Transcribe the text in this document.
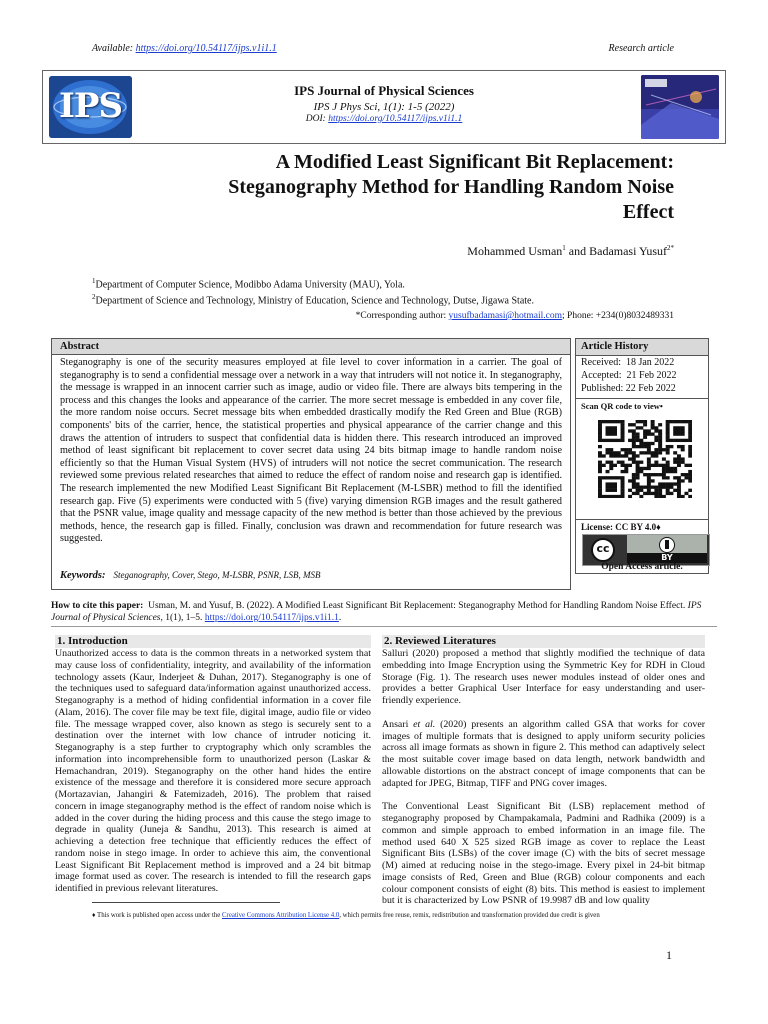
Available: https://doi.org/10.54117/ijps.v1i1.1	Research article
IPS	IPS Journal of Physical Sciences
IPS J Phys Sci, 1(1): 1-5 (2022)
DOI: https://doi.org/10.54117/ijps.v1i1.1
A Modified Least Significant Bit Replacement:
Steganography Method for Handling Random Noise
Effect
Mohammed Usman$^1$ and Badamasi Yusuf$^{2*}$
$^1$Department of Computer Science, Modibbo Adama University (MAU), Yola.
$^2$Department of Science and Technology, Ministry of Education, Science and Technology, Dutse, Jigawa State.
*Corresponding author: yusufbadamasi@hotmail.com; Phone: +234(0)8032489331
Abstract
Steganography is one of the security measures employed at file level to cover information in a carrier. The goal of steganography is to send a confidential message over a network in a way that intruders will not notice it. In steganography, the message is wrapped in an innocent carrier such as image, audio or video file. There are always bits tempering in the process and this changes the looks and appearance of the carrier. The more secret message is embedded in any cover file, the more random noise occurs. Secret message bits when embedded drastically modify the Red Green and Blue (RGB) components' bits of the carrier, hence, the statistical properties and physical appearance of the carrier change and this draws the attention of intruders to suspect that confidential data is hidden there. This research introduced an improved method of least significant bit replacement to cover secret data using 24 bits bitmap image to handle random noise efficiently so that the Human Visual System (HVS) of intruders will not notice the secret communication. The research reviewed some previous related researches that aimed to reduce the effect of random noise and research gap is identified. The research implemented the new Modified Least Significant Bit Replacement (M-LSBR) method to fill the identified research gap. Five (5) experiments were conducted with 5 (five) varying dimension RGB images and the result gathered that the PSNR value, image quality and message capacity of the new method is better than those achieved by the previous methods, hence, the research gap is filled. Finally, conclusion was drawn and recommendation for future research was suggested.
Keywords: Steganography, Cover, Stego, M-LSBR, PSNR, LSB, MSB
Article History
Received:  18 Jan 2022
Accepted:  21 Feb 2022
Published: 22 Feb 2022
Scan QR code to view•
License: CC BY 4.0♦
cc
BY
Open Access article.
How to cite this paper:  Usman, M. and Yusuf, B. (2022). A Modified Least Significant Bit Replacement: Steganography Method for Handling Random Noise Effect. IPS Journal of Physical Sciences, 1(1), 1–5. https://doi.org/10.54117/ijps.v1i1.1.
1. Introduction

Unauthorized access to data is the common threats in a networked system that may cause loss of confidentiality, integrity, and availability of the information technology assets (Kaur, Inderjeet & Duhan, 2017). Steganography is one of the techniques used to safeguard data/information against unauthorized access. Steganography is a method of hiding confidential information in a cover file (Alam, 2016). The cover file may be text file, digital image, audio file or video file. The message wrapped cover, also known as stego is securely sent to a destination over the internet with low chance of intruder noticing it. Steganography is a step further to cryptography which only scrambles the information into incomprehensible form to unauthorized person (Laskar & Hemachandran, 2019). Steganography on the other hand hides the entire existence of the message and therefore it is considered more secure approach (Mortazavian, Jahangiri & Fatemizadeh, 2016). The problem that raised concern in image steganography method is the effect of random noise which is added in the cover during the hiding process and this cause the stego image to degrade in quality (Juneja & Sandhu, 2013). This research is aimed at achieving a detection free technique that efficiently reduces the effect of random noise in stego image. In order to achieve this aim, the conventional Least Significant Bit Replacement method is improved and a 24 bit bitmap image format used as cover. The research is intended to fill the research gaps identified in previous relevant literatures.

2. Reviewed Literatures

Salluri (2020) proposed a method that slightly modified the technique of data embedding into Image Encryption using the Symmetric Key for RDH in Cloud Storage (Fig. 1). The research uses newer modules instead of older ones and provides a better Graphical User Interface for easy understanding and user-friendly experience.

Ansari et al. (2020) presents an algorithm called GSA that works for cover images of multiple formats that is designed to apply uniform security policies across all image formats as shown in figure 2. This method can adaptively select the most suitable cover image based on data length, network bandwidth and allowable distortions on the abstract concept of image components that can be adapted for JPEG, Bitmap, TIFF and PNG cover images.

The Conventional Least Significant Bit (LSB) replacement method of steganography proposed by Champakamala, Padmini and Radhika (2009) is a common and simple approach to embed information in an image file. The method used 640 X 525 sized RGB image as cover to replace the Least Significant Bits (LSBs) of the cover image (C) with the bits of secret message (M) aimed at reducing noise in the stego-image. Every pixel in 24-bit bitmap image consists of Red, Green and Blue (RGB) colour components and each colour component consists of eight (8) bits. This method is easiest to implement but it is characterized by Low PSNR of 19.9987 dB and low quality

♦ This work is published open access under the Creative Commons Attribution License 4.0, which permits free reuse, remix, redistribution and transformation provided due credit is given
1
